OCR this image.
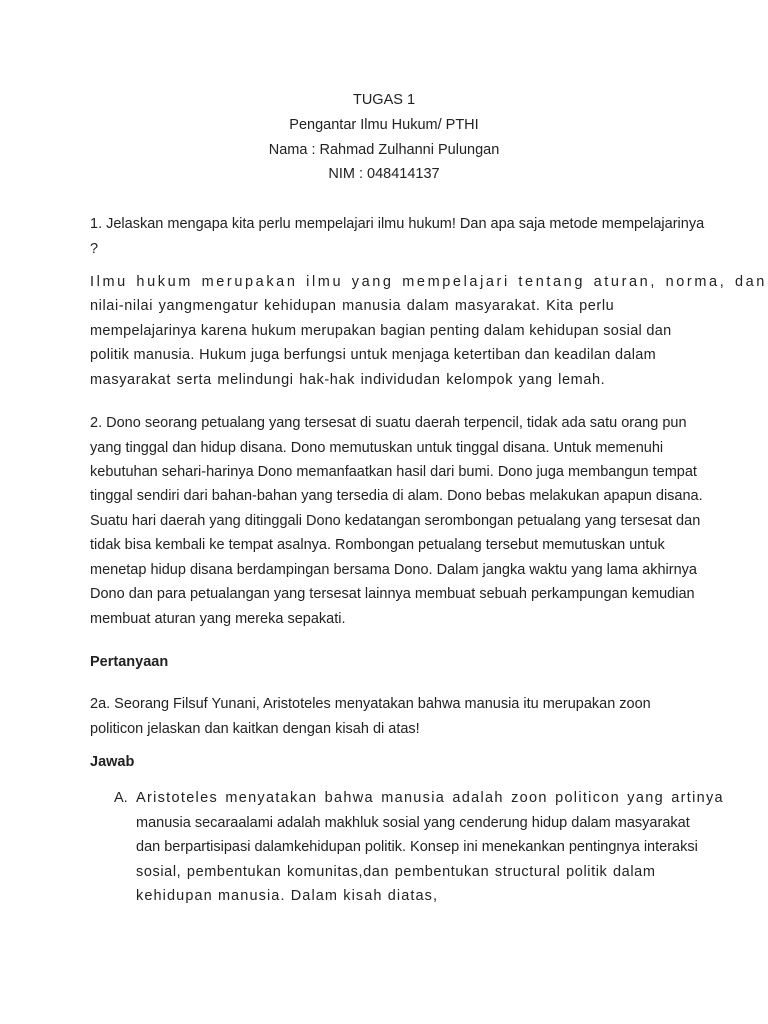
TUGAS 1
Pengantar Ilmu Hukum/ PTHI
Nama : Rahmad Zulhanni Pulungan
NIM : 048414137
1. Jelaskan mengapa kita perlu mempelajari ilmu hukum! Dan apa saja metode mempelajarinya
?
Ilmu hukum merupakan ilmu yang mempelajari tentang aturan, norma, dan
nilai-nilai yangmengatur kehidupan manusia dalam masyarakat. Kita perlu
mempelajarinya karena hukum merupakan bagian penting dalam kehidupan sosial dan
politik manusia. Hukum juga berfungsi untuk menjaga ketertiban dan keadilan dalam
masyarakat serta melindungi hak-hak individudan kelompok yang lemah.
2. Dono seorang petualang yang tersesat di suatu daerah terpencil, tidak ada satu orang pun
yang tinggal dan hidup disana. Dono memutuskan untuk tinggal disana. Untuk memenuhi
kebutuhan sehari-harinya Dono memanfaatkan hasil dari bumi. Dono juga membangun tempat
tinggal sendiri dari bahan-bahan yang tersedia di alam. Dono bebas melakukan apapun disana.
Suatu hari daerah yang ditinggali Dono kedatangan serombongan petualang yang tersesat dan
tidak bisa kembali ke tempat asalnya. Rombongan petualang tersebut memutuskan untuk
menetap hidup disana berdampingan bersama Dono. Dalam jangka waktu yang lama akhirnya
Dono dan para petualangan yang tersesat lainnya membuat sebuah perkampungan kemudian
membuat aturan yang mereka sepakati.
Pertanyaan
2a. Seorang Filsuf Yunani, Aristoteles menyatakan bahwa manusia itu merupakan zoon
politicon jelaskan dan kaitkan dengan kisah di atas!
Jawab
A. Aristoteles menyatakan bahwa manusia adalah zoon politicon yang artinya
manusia secaraalami adalah makhluk sosial yang cenderung hidup dalam masyarakat
dan berpartisipasi dalamkehidupan politik. Konsep ini menekankan pentingnya interaksi
sosial, pembentukan komunitas,dan pembentukan structural politik dalam
kehidupan manusia. Dalam kisah diatas,
